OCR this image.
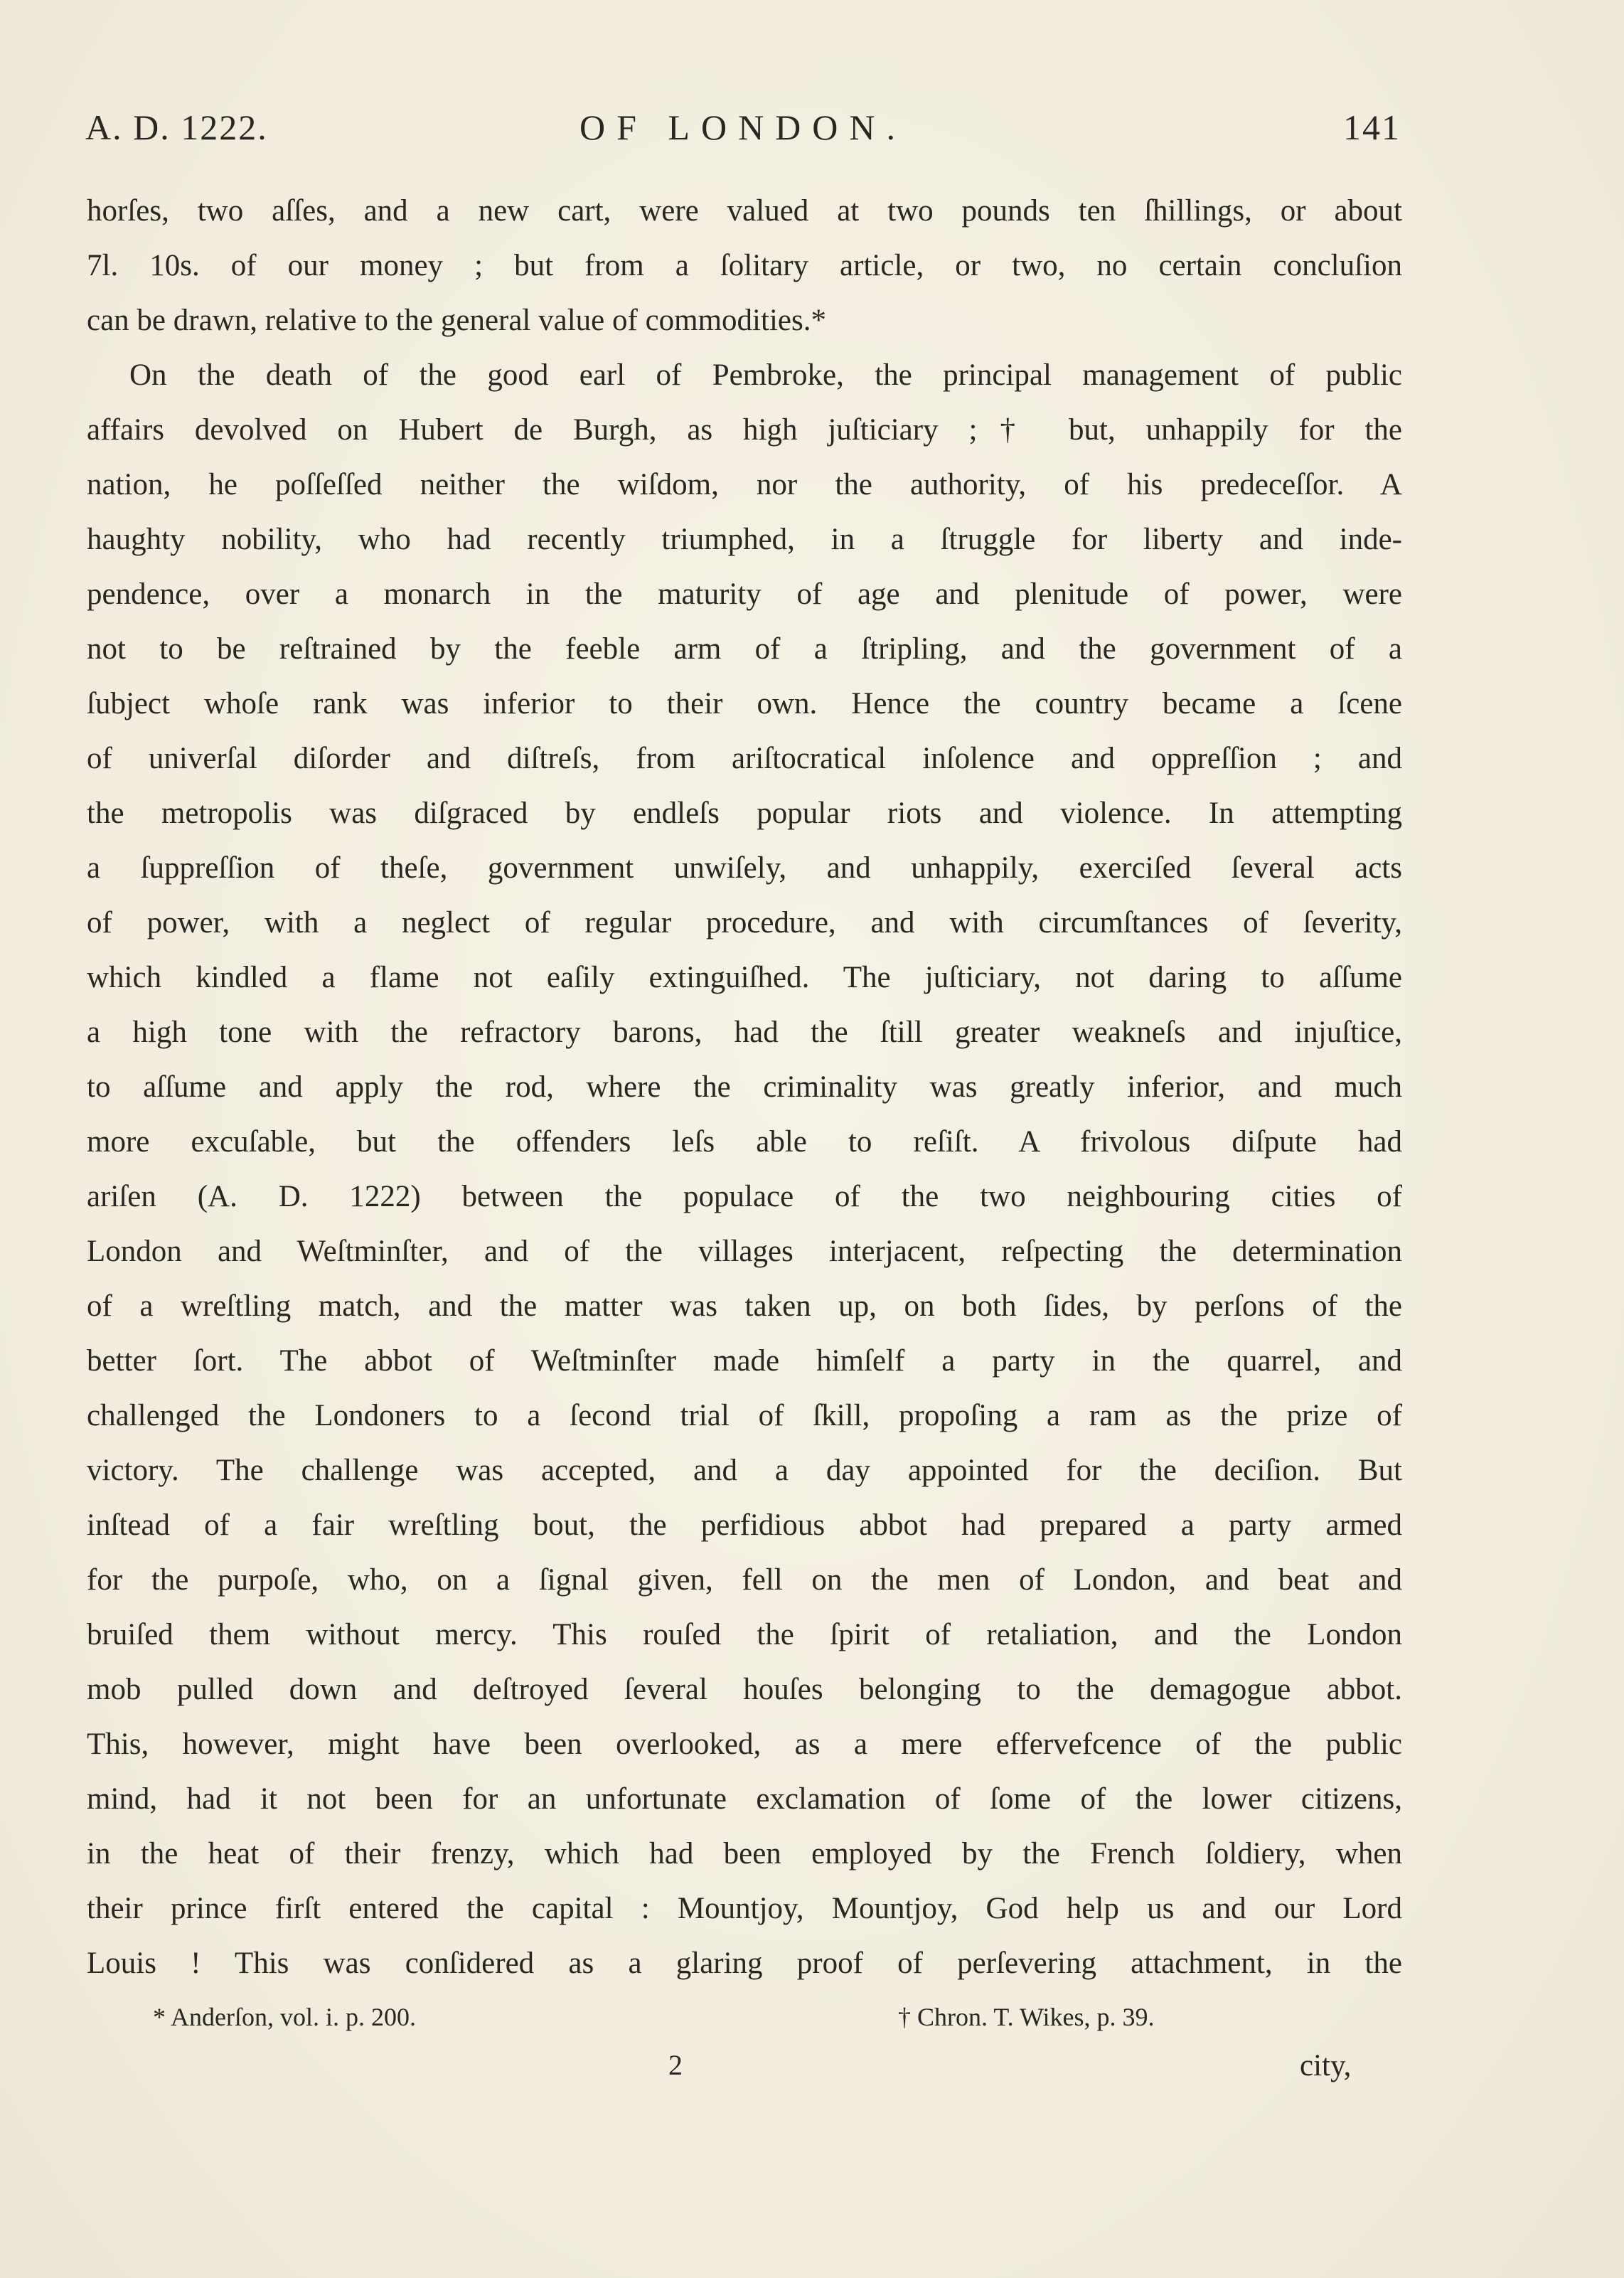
A. D. 1222.	OF LONDON.	141
horſes, two aſſes, and a new cart, were valued at two pounds ten ſhillings, or about
7l. 10s. of our money ; but from a ſolitary article, or two, no certain concluſion
can be drawn, relative to the general value of commodities.*
On the death of the good earl of Pembroke, the principal management of public
affairs devolved on Hubert de Burgh, as high juſticiary ;† but, unhappily for the
nation, he poſſeſſed neither the wiſdom, nor the authority, of his predeceſſor. A
haughty nobility, who had recently triumphed, in a ſtruggle for liberty and inde-
pendence, over a monarch in the maturity of age and plenitude of power, were
not to be reſtrained by the feeble arm of a ſtripling, and the government of a
ſubject whoſe rank was inferior to their own. Hence the country became a ſcene
of univerſal diſorder and diſtreſs, from ariſtocratical inſolence and oppreſſion ; and
the metropolis was diſgraced by endleſs popular riots and violence. In attempting
a ſuppreſſion of theſe, government unwiſely, and unhappily, exerciſed ſeveral acts
of power, with a neglect of regular procedure, and with circumſtances of ſeverity,
which kindled a flame not eaſily extinguiſhed. The juſticiary, not daring to aſſume
a high tone with the refractory barons, had the ſtill greater weakneſs and injuſtice,
to aſſume and apply the rod, where the criminality was greatly inferior, and much
more excuſable, but the offenders leſs able to reſiſt. A frivolous diſpute had
ariſen (A. D. 1222) between the populace of the two neighbouring cities of
London and Weſtminſter, and of the villages interjacent, reſpecting the determination
of a wreſtling match, and the matter was taken up, on both ſides, by perſons of the
better ſort. The abbot of Weſtminſter made himſelf a party in the quarrel, and
challenged the Londoners to a ſecond trial of ſkill, propoſing a ram as the prize of
victory. The challenge was accepted, and a day appointed for the deciſion. But
inſtead of a fair wreſtling bout, the perfidious abbot had prepared a party armed
for the purpoſe, who, on a ſignal given, fell on the men of London, and beat and
bruiſed them without mercy. This rouſed the ſpirit of retaliation, and the London
mob pulled down and deſtroyed ſeveral houſes belonging to the demagogue abbot.
This, however, might have been overlooked, as a mere effervefcence of the public
mind, had it not been for an unfortunate exclamation of ſome of the lower citizens,
in the heat of their frenzy, which had been employed by the French ſoldiery, when
their prince firſt entered the capital : Mountjoy, Mountjoy, God help us and our Lord
Louis ! This was conſidered as a glaring proof of perſevering attachment, in the
* Anderſon, vol. i. p. 200.	† Chron. T. Wikes, p. 39.
2	city,
